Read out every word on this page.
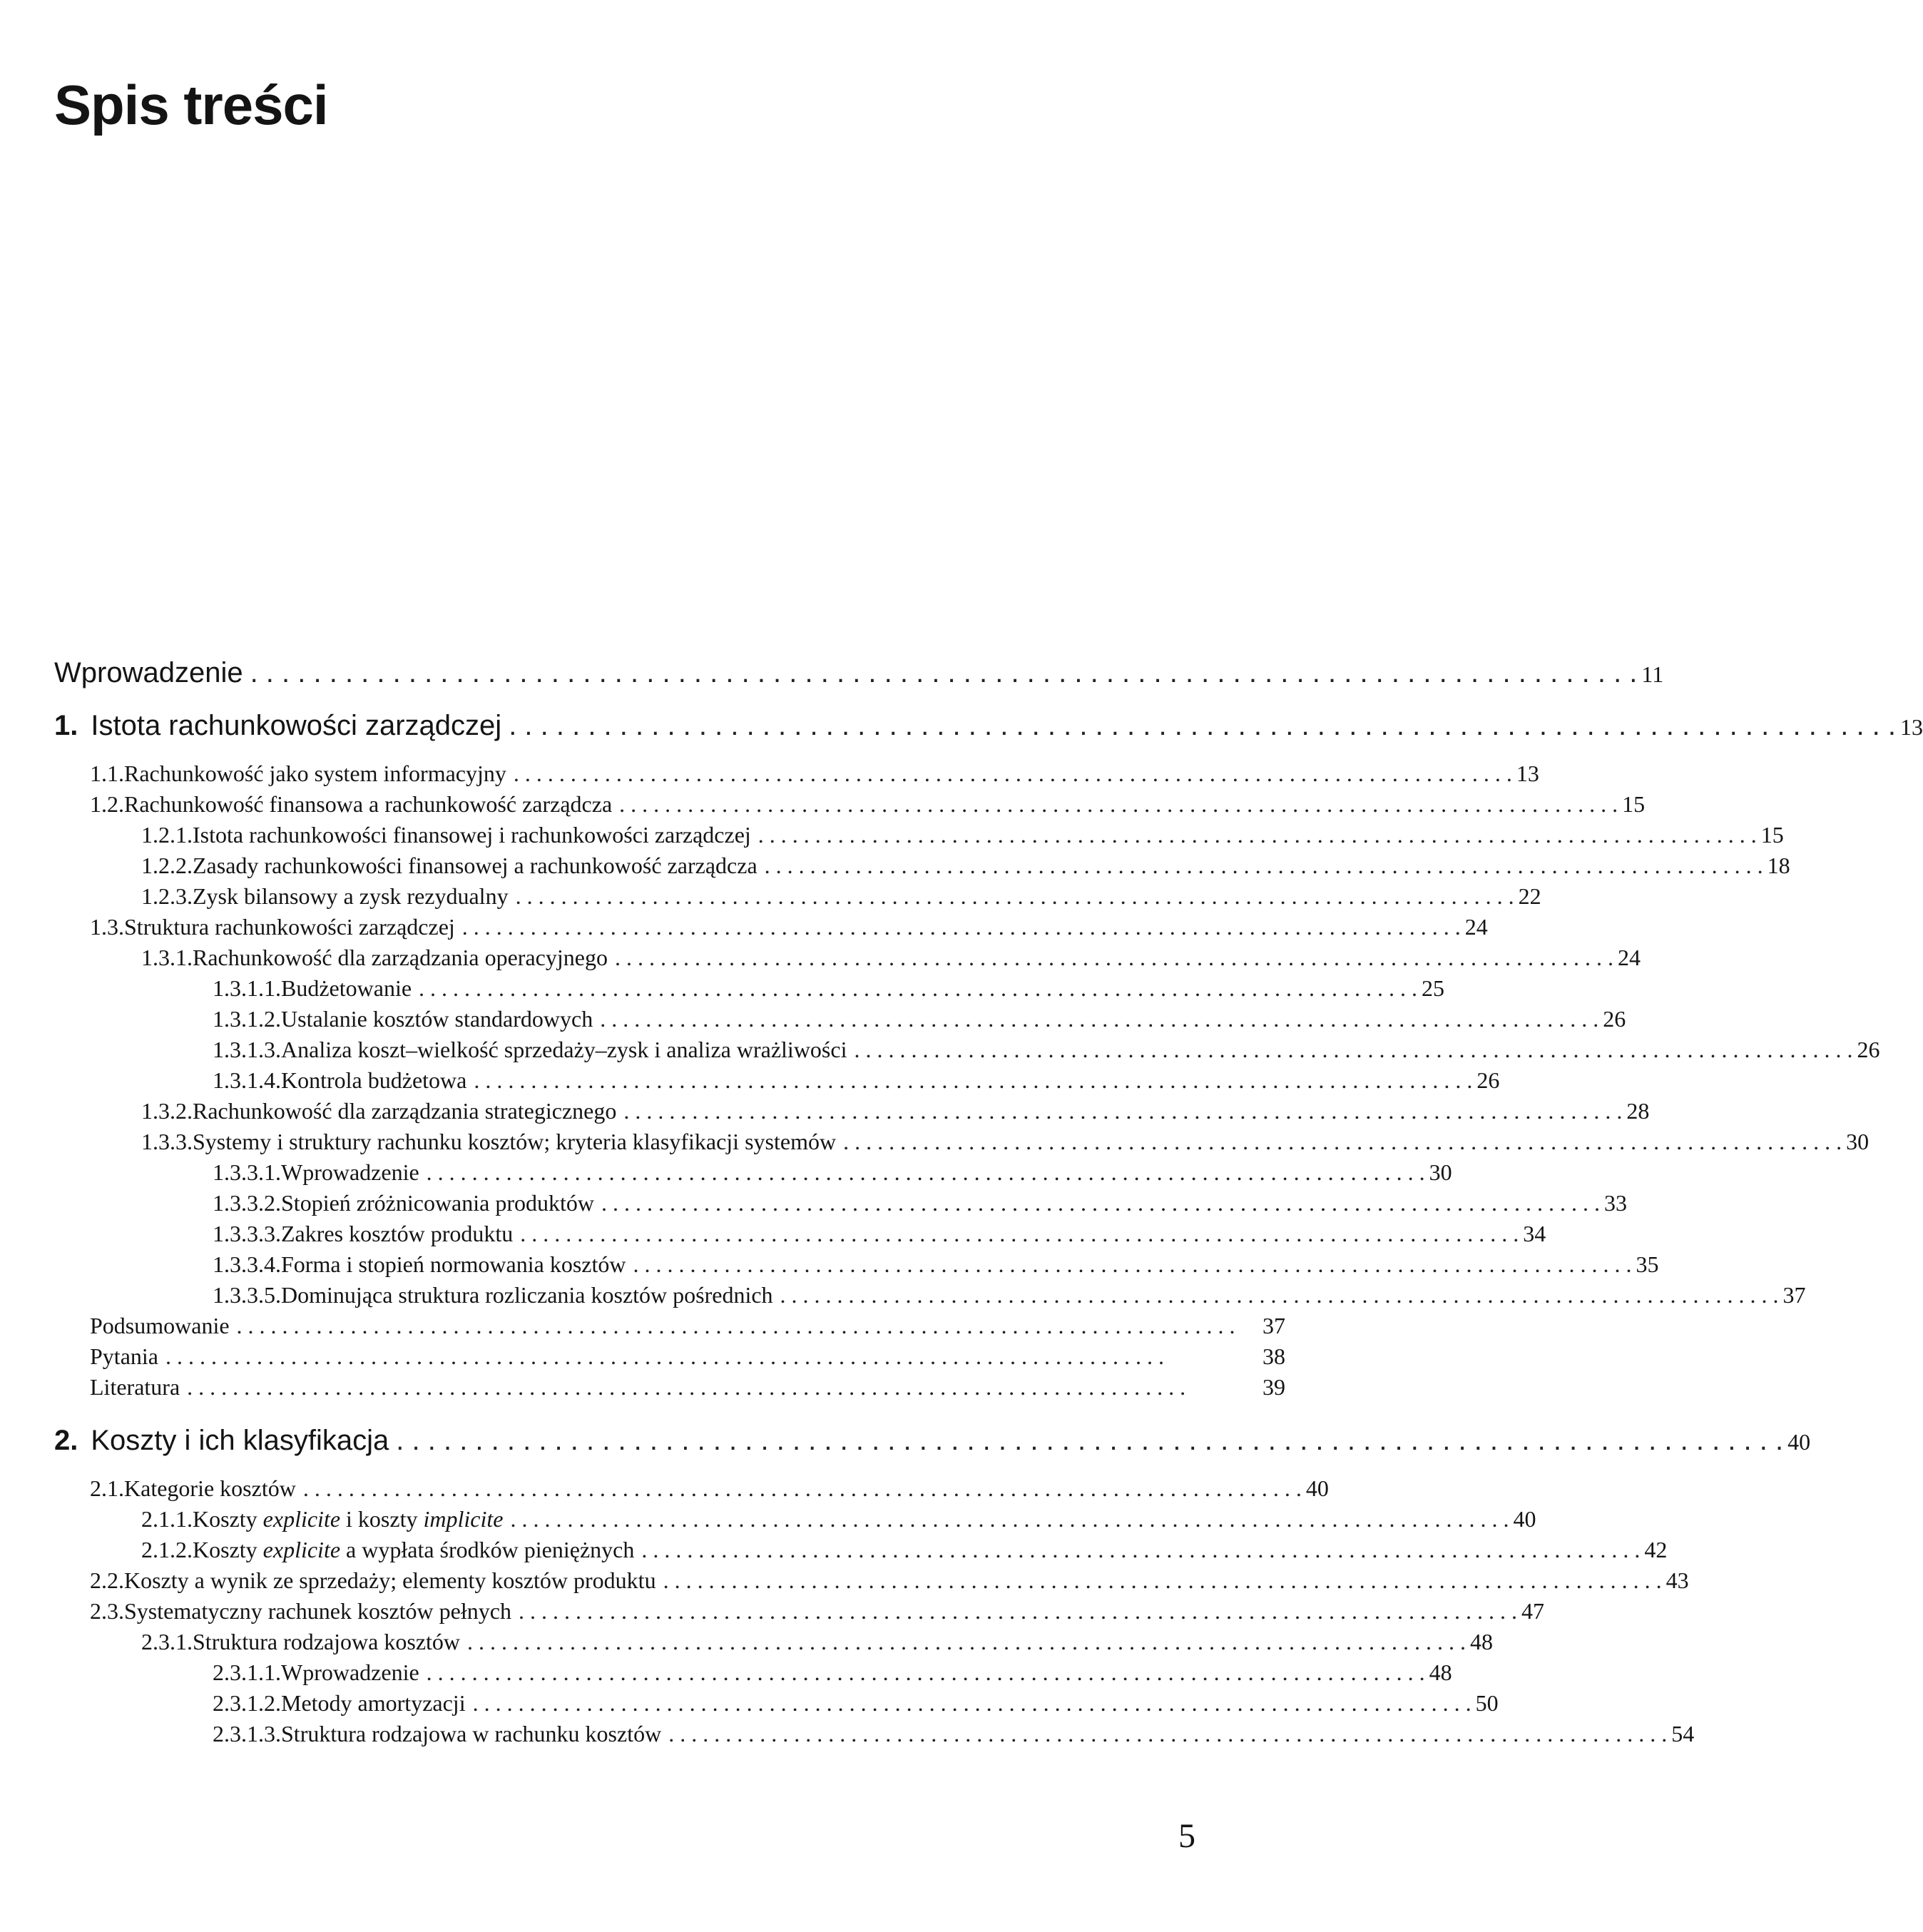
Spis treści
Wprowadzenie . . . . . . . . . . . . . . . . . . . . . . . . . . . . . . . . . . . . . . . . . . . . . . . . . . . . . . . . . . . . . . . . . . . . . . . . . . . . . . . . . . . . . . . . 11
1. Istota rachunkowości zarządczej . . . . . . . . . . . . . . . . . . . . . . . . . . . . . . . . . . . . . . . . . . . . . . . . . . . . . . . . . . . . . . . . . . . . . . . . . . . . . . . . . . . . . . . . 13
1.1. Rachunkowość jako system informacyjny . . . . . . . . . . . . . . . . . . . . . . . . . . . . . . . . . . . . . . . . . . . . . . . . . . . . . . . . . . . . . . . . . . . . . . . . . . . . . . . . . . . . . . . . 13
1.2. Rachunkowość finansowa a rachunkowość zarządcza . . . . . . . . . . . . . . . . . . . . . . . . . . . . . . . . . . . . . . . . . . . . . . . . . . . . . . . . . . . . . . . . . . . . . . . . . . . . . . . . . . . . . . . . 15
1.2.1. Istota rachunkowości finansowej i rachunkowości zarządczej . . . . . . . . . . . . . . . . . . . . . . . . . . . . . . . . . . . . . . . . . . . . . . . . . . . . . . . . . . . . . . . . . . . . . . . . . . . . . . . . . . . . . . . . 15
1.2.2. Zasady rachunkowości finansowej a rachunkowość zarządcza . . . . . . . . . . . . . . . . . . . . . . . . . . . . . . . . . . . . . . . . . . . . . . . . . . . . . . . . . . . . . . . . . . . . . . . . . . . . . . . . . . . . . . . . 18
1.2.3. Zysk bilansowy a zysk rezydualny . . . . . . . . . . . . . . . . . . . . . . . . . . . . . . . . . . . . . . . . . . . . . . . . . . . . . . . . . . . . . . . . . . . . . . . . . . . . . . . . . . . . . . . . 22
1.3. Struktura rachunkowości zarządczej . . . . . . . . . . . . . . . . . . . . . . . . . . . . . . . . . . . . . . . . . . . . . . . . . . . . . . . . . . . . . . . . . . . . . . . . . . . . . . . . . . . . . . . . 24
1.3.1. Rachunkowość dla zarządzania operacyjnego . . . . . . . . . . . . . . . . . . . . . . . . . . . . . . . . . . . . . . . . . . . . . . . . . . . . . . . . . . . . . . . . . . . . . . . . . . . . . . . . . . . . . . . . 24
1.3.1.1. Budżetowanie . . . . . . . . . . . . . . . . . . . . . . . . . . . . . . . . . . . . . . . . . . . . . . . . . . . . . . . . . . . . . . . . . . . . . . . . . . . . . . . . . . . . . . . . 25
1.3.1.2. Ustalanie kosztów standardowych . . . . . . . . . . . . . . . . . . . . . . . . . . . . . . . . . . . . . . . . . . . . . . . . . . . . . . . . . . . . . . . . . . . . . . . . . . . . . . . . . . . . . . . . 26
1.3.1.3. Analiza koszt–wielkość sprzedaży–zysk i analiza wrażliwości . . . . . . . . . . . . . . . . . . . . . . . . . . . . . . . . . . . . . . . . . . . . . . . . . . . . . . . . . . . . . . . . . . . . . . . . . . . . . . . . . . . . . . . . 26
1.3.1.4. Kontrola budżetowa . . . . . . . . . . . . . . . . . . . . . . . . . . . . . . . . . . . . . . . . . . . . . . . . . . . . . . . . . . . . . . . . . . . . . . . . . . . . . . . . . . . . . . . . 26
1.3.2. Rachunkowość dla zarządzania strategicznego . . . . . . . . . . . . . . . . . . . . . . . . . . . . . . . . . . . . . . . . . . . . . . . . . . . . . . . . . . . . . . . . . . . . . . . . . . . . . . . . . . . . . . . . 28
1.3.3. Systemy i struktury rachunku kosztów; kryteria klasyfikacji systemów . . . . . . . . . . . . . . . . . . . . . . . . . . . . . . . . . . . . . . . . . . . . . . . . . . . . . . . . . . . . . . . . . . . . . . . . . . . . . . . . . . . . . . . . 30
1.3.3.1. Wprowadzenie . . . . . . . . . . . . . . . . . . . . . . . . . . . . . . . . . . . . . . . . . . . . . . . . . . . . . . . . . . . . . . . . . . . . . . . . . . . . . . . . . . . . . . . . 30
1.3.3.2. Stopień zróżnicowania produktów . . . . . . . . . . . . . . . . . . . . . . . . . . . . . . . . . . . . . . . . . . . . . . . . . . . . . . . . . . . . . . . . . . . . . . . . . . . . . . . . . . . . . . . . 33
1.3.3.3. Zakres kosztów produktu . . . . . . . . . . . . . . . . . . . . . . . . . . . . . . . . . . . . . . . . . . . . . . . . . . . . . . . . . . . . . . . . . . . . . . . . . . . . . . . . . . . . . . . . 34
1.3.3.4. Forma i stopień normowania kosztów . . . . . . . . . . . . . . . . . . . . . . . . . . . . . . . . . . . . . . . . . . . . . . . . . . . . . . . . . . . . . . . . . . . . . . . . . . . . . . . . . . . . . . . . 35
1.3.3.5. Dominująca struktura rozliczania kosztów pośrednich . . . . . . . . . . . . . . . . . . . . . . . . . . . . . . . . . . . . . . . . . . . . . . . . . . . . . . . . . . . . . . . . . . . . . . . . . . . . . . . . . . . . . . . . 37
Podsumowanie . . . . . . . . . . . . . . . . . . . . . . . . . . . . . . . . . . . . . . . . . . . . . . . . . . . . . . . . . . . . . . . . . . . . . . . . . . . . . . . . . . . . . . . .	37
Pytania . . . . . . . . . . . . . . . . . . . . . . . . . . . . . . . . . . . . . . . . . . . . . . . . . . . . . . . . . . . . . . . . . . . . . . . . . . . . . . . . . . . . . . . .	38
Literatura . . . . . . . . . . . . . . . . . . . . . . . . . . . . . . . . . . . . . . . . . . . . . . . . . . . . . . . . . . . . . . . . . . . . . . . . . . . . . . . . . . . . . . . .	39
2. Koszty i ich klasyfikacja . . . . . . . . . . . . . . . . . . . . . . . . . . . . . . . . . . . . . . . . . . . . . . . . . . . . . . . . . . . . . . . . . . . . . . . . . . . . . . . . . . . . . . . . 40
2.1. Kategorie kosztów . . . . . . . . . . . . . . . . . . . . . . . . . . . . . . . . . . . . . . . . . . . . . . . . . . . . . . . . . . . . . . . . . . . . . . . . . . . . . . . . . . . . . . . . 40
2.1.1. Koszty explicite i koszty implicite . . . . . . . . . . . . . . . . . . . . . . . . . . . . . . . . . . . . . . . . . . . . . . . . . . . . . . . . . . . . . . . . . . . . . . . . . . . . . . . . . . . . . . . . 40
2.1.2. Koszty explicite a wypłata środków pieniężnych . . . . . . . . . . . . . . . . . . . . . . . . . . . . . . . . . . . . . . . . . . . . . . . . . . . . . . . . . . . . . . . . . . . . . . . . . . . . . . . . . . . . . . . . 42
2.2. Koszty a wynik ze sprzedaży; elementy kosztów produktu . . . . . . . . . . . . . . . . . . . . . . . . . . . . . . . . . . . . . . . . . . . . . . . . . . . . . . . . . . . . . . . . . . . . . . . . . . . . . . . . . . . . . . . . 43
2.3. Systematyczny rachunek kosztów pełnych . . . . . . . . . . . . . . . . . . . . . . . . . . . . . . . . . . . . . . . . . . . . . . . . . . . . . . . . . . . . . . . . . . . . . . . . . . . . . . . . . . . . . . . . 47
2.3.1. Struktura rodzajowa kosztów . . . . . . . . . . . . . . . . . . . . . . . . . . . . . . . . . . . . . . . . . . . . . . . . . . . . . . . . . . . . . . . . . . . . . . . . . . . . . . . . . . . . . . . . 48
2.3.1.1. Wprowadzenie . . . . . . . . . . . . . . . . . . . . . . . . . . . . . . . . . . . . . . . . . . . . . . . . . . . . . . . . . . . . . . . . . . . . . . . . . . . . . . . . . . . . . . . . 48
2.3.1.2. Metody amortyzacji . . . . . . . . . . . . . . . . . . . . . . . . . . . . . . . . . . . . . . . . . . . . . . . . . . . . . . . . . . . . . . . . . . . . . . . . . . . . . . . . . . . . . . . . 50
2.3.1.3. Struktura rodzajowa w rachunku kosztów . . . . . . . . . . . . . . . . . . . . . . . . . . . . . . . . . . . . . . . . . . . . . . . . . . . . . . . . . . . . . . . . . . . . . . . . . . . . . . . . . . . . . . . . 54
5
